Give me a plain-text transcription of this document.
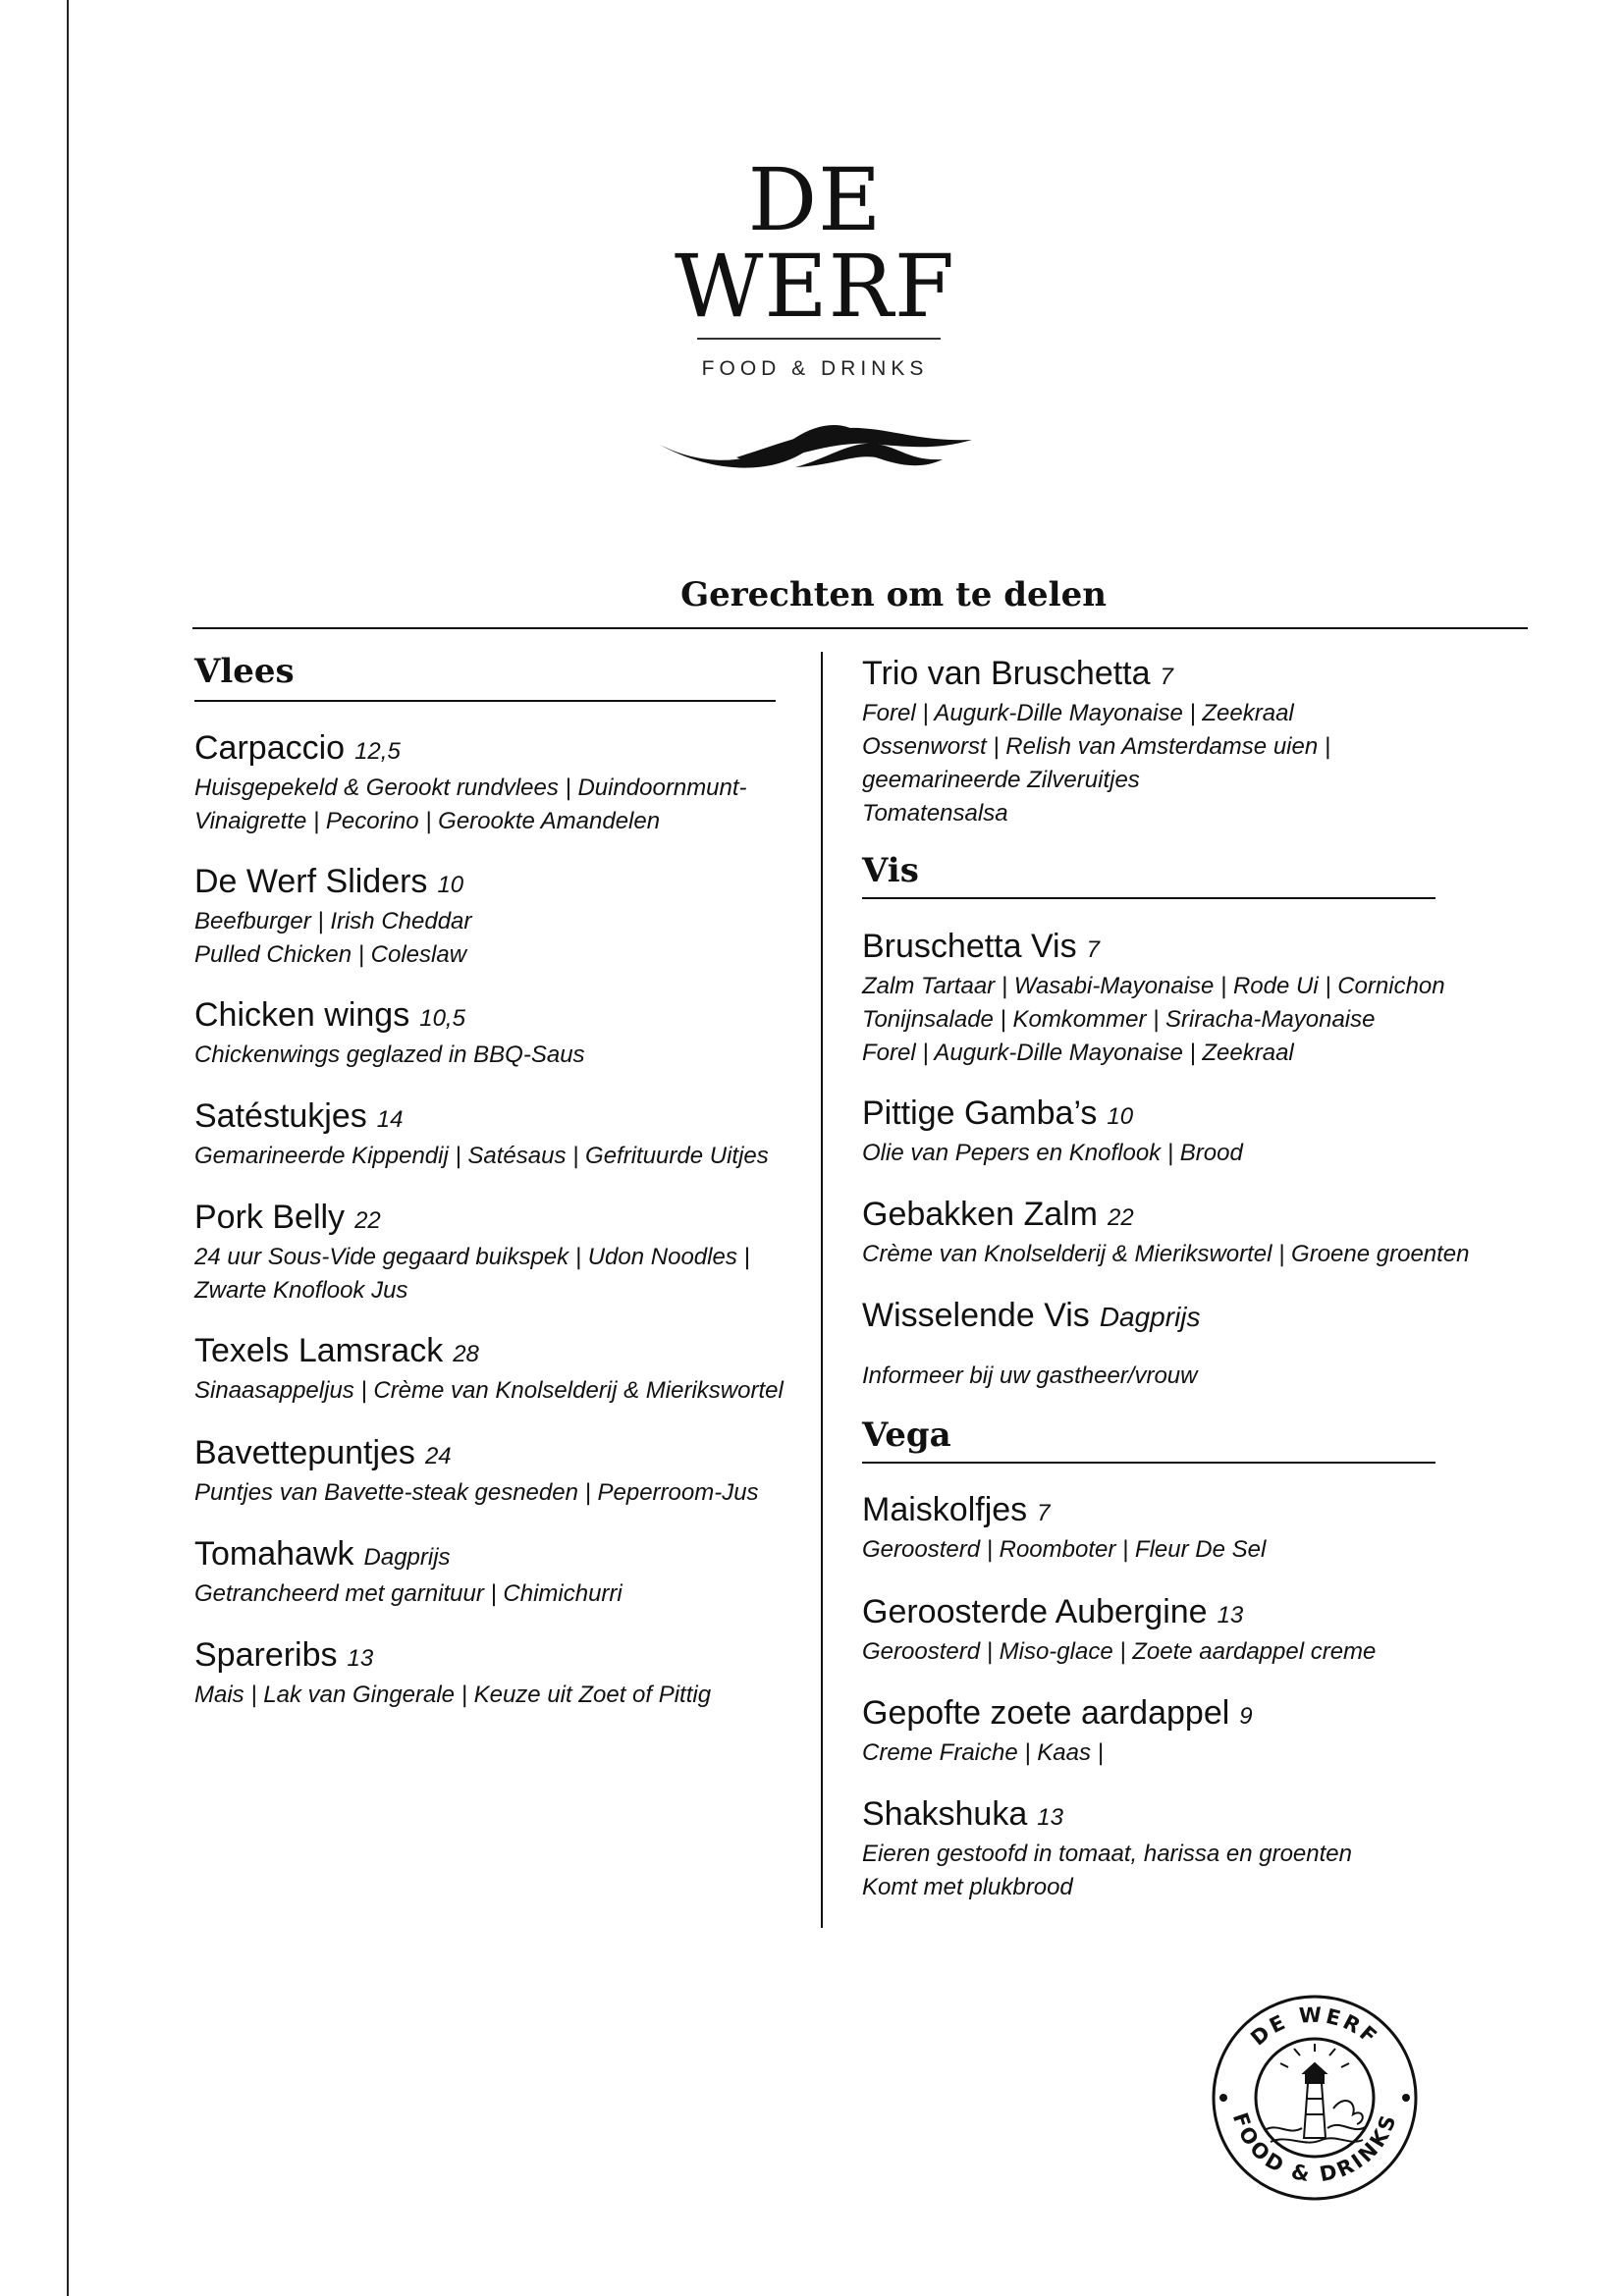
DE
WERF
FOOD & DRINKS
Gerechten om te delen
Vlees
Carpaccio 12,5
Huisgepekeld & Gerookt rundvlees | Duindoornmunt-
Vinaigrette | Pecorino | Gerookte Amandelen
De Werf Sliders 10
Beefburger | Irish Cheddar
Pulled Chicken | Coleslaw
Chicken wings 10,5
Chickenwings geglazed in BBQ-Saus
Satéstukjes 14
Gemarineerde Kippendij | Satésaus | Gefrituurde Uitjes
Pork Belly 22
24 uur Sous-Vide gegaard buikspek | Udon Noodles |
Zwarte Knoflook Jus
Texels Lamsrack 28
Sinaasappeljus | Crème van Knolselderij & Mierikswortel
Bavettepuntjes 24
Puntjes van Bavette-steak gesneden | Peperroom-Jus
Tomahawk Dagprijs
Getrancheerd met garnituur | Chimichurri
Spareribs 13
Mais | Lak van Gingerale | Keuze uit Zoet of Pittig
Trio van Bruschetta 7
Forel | Augurk-Dille Mayonaise | Zeekraal
Ossenworst | Relish van Amsterdamse uien |
geemarineerde Zilveruitjes
Tomatensalsa
Vis
Bruschetta Vis 7
Zalm Tartaar | Wasabi-Mayonaise | Rode Ui | Cornichon
Tonijnsalade | Komkommer | Sriracha-Mayonaise
Forel | Augurk-Dille Mayonaise | Zeekraal
Pittige Gamba’s 10
Olie van Pepers en Knoflook | Brood
Gebakken Zalm 22
Crème van Knolselderij & Mierikswortel | Groene groenten
Wisselende Vis Dagprijs
Informeer bij uw gastheer/vrouw
Vega
Maiskolfjes 7
Geroosterd | Roomboter | Fleur De Sel
Geroosterde Aubergine 13
Geroosterd | Miso-glace | Zoete aardappel creme
Gepofte zoete aardappel 9
Creme Fraiche | Kaas |
Shakshuka 13
Eieren gestoofd in tomaat, harissa en groenten
Komt met plukbrood
DE WERF
FOOD & DRINKS
